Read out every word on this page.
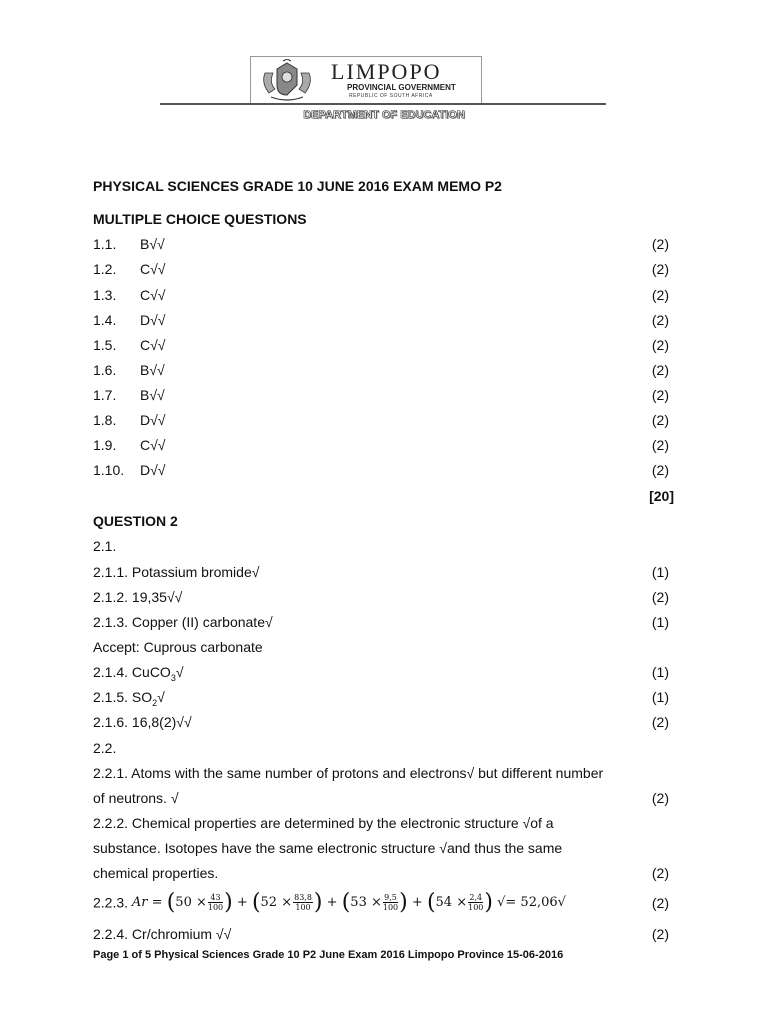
LIMPOPO
PROVINCIAL GOVERNMENT
REPUBLIC OF SOUTH AFRICA
DEPARTMENT OF EDUCATION
PHYSICAL SCIENCES GRADE 10 JUNE 2016 EXAM MEMO P2
MULTIPLE CHOICE QUESTIONS
1.1. B√√	(2)
1.2. C√√	(2)
1.3. C√√	(2)
1.4. D√√	(2)
1.5. C√√	(2)
1.6. B√√	(2)
1.7. B√√	(2)
1.8. D√√	(2)
1.9. C√√	(2)
1.10. D√√	(2)
[20]
QUESTION 2
2.1.
2.1.1. Potassium bromide√	(1)
2.1.2. 19,35√√	(2)
2.1.3. Copper (II) carbonate√	(1)
Accept: Cuprous carbonate
2.1.4. CuCO$_3$√	(1)
2.1.5. $SO_2√$	(1)
2.1.6. 16,8(2)√√	(2)
2.2.
2.2.1. Atoms with the same number of protons and electrons√ but different number
of neutrons. √	(2)
2.2.2. Chemical properties are determined by the electronic structure √of a
substance. Isotopes have the same electronic structure √and thus the same
chemical properties.	(2)
2.2.3. $Ar = (50 \times \frac{43}{100}$ ) + ($52 \times \frac{83,8}{100}$ ) + ($53 \times \frac{9,5}{100}$ ) + ($54 \times \frac{2,4}{100}$ ) √= 52,06√	(2)
2.2.4. Cr/chromium √√	(2)
Page 1 of 5 Physical Sciences Grade 10 P2 June Exam 2016 Limpopo Province 15-06-2016
